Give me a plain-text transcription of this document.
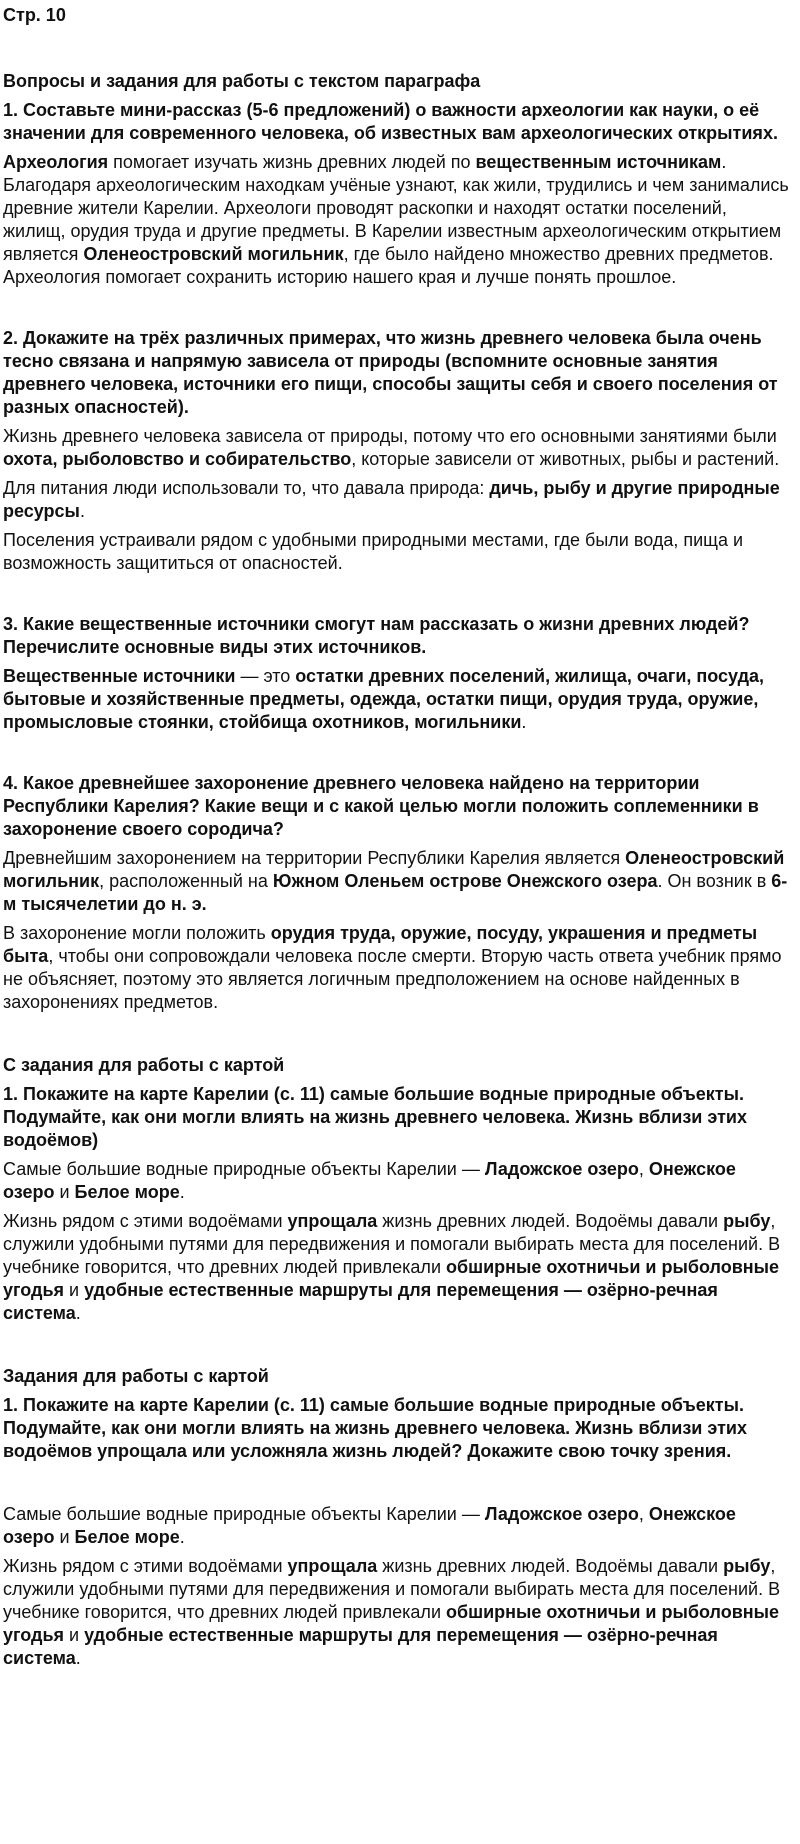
Стр. 10
Вопросы и задания для работы с текстом параграфа
1. Составьте мини-рассказ (5-6 предложений) о важности археологии как науки, о её значении для современного человека, об известных вам археологических открытиях.
Археология помогает изучать жизнь древних людей по вещественным источникам. Благодаря археологическим находкам учёные узнают, как жили, трудились и чем занимались древние жители Карелии. Археологи проводят раскопки и находят остатки поселений, жилищ, орудия труда и другие предметы. В Карелии известным археологическим открытием является Оленеостровский могильник, где было найдено множество древних предметов. Археология помогает сохранить историю нашего края и лучше понять прошлое.
2. Докажите на трёх различных примерах, что жизнь древнего человека была очень тесно связана и напрямую зависела от природы (вспомните основные занятия древнего человека, источники его пищи, способы защиты себя и своего поселения от разных опасностей).
Жизнь древнего человека зависела от природы, потому что его основными занятиями были охота, рыболовство и собирательство, которые зависели от животных, рыбы и растений.
Для питания люди использовали то, что давала природа: дичь, рыбу и другие природные ресурсы.
Поселения устраивали рядом с удобными природными местами, где были вода, пища и возможность защититься от опасностей.
3. Какие вещественные источники смогут нам рассказать о жизни древних людей? Перечислите основные виды этих источников.
Вещественные источники — это остатки древних поселений, жилища, очаги, посуда, бытовые и хозяйственные предметы, одежда, остатки пищи, орудия труда, оружие, промысловые стоянки, стойбища охотников, могильники.
4. Какое древнейшее захоронение древнего человека найдено на территории Республики Карелия? Какие вещи и с какой целью могли положить соплеменники в захоронение своего сородича?
Древнейшим захоронением на территории Республики Карелия является Оленеостровский могильник, расположенный на Южном Оленьем острове Онежского озера. Он возник в 6-м тысячелетии до н. э.
В захоронение могли положить орудия труда, оружие, посуду, украшения и предметы быта, чтобы они сопровождали человека после смерти. Вторую часть ответа учебник прямо не объясняет, поэтому это является логичным предположением на основе найденных в захоронениях предметов.
С задания для работы с картой
1. Покажите на карте Карелии (с. 11) самые большие водные природные объекты. Подумайте, как они могли влиять на жизнь древнего человека. Жизнь вблизи этих водоёмов)
Самые большие водные природные объекты Карелии — Ладожское озеро, Онежское озеро и Белое море.
Жизнь рядом с этими водоёмами упрощала жизнь древних людей. Водоёмы давали рыбу, служили удобными путями для передвижения и помогали выбирать места для поселений. В учебнике говорится, что древних людей привлекали обширные охотничьи и рыболовные угодья и удобные естественные маршруты для перемещения — озёрно-речная система.
Задания для работы с картой
1. Покажите на карте Карелии (с. 11) самые большие водные природные объекты. Подумайте, как они могли влиять на жизнь древнего человека. Жизнь вблизи этих водоёмов упрощала или усложняла жизнь людей? Докажите свою точку зрения.
Самые большие водные природные объекты Карелии — Ладожское озеро, Онежское озеро и Белое море.
Жизнь рядом с этими водоёмами упрощала жизнь древних людей. Водоёмы давали рыбу, служили удобными путями для передвижения и помогали выбирать места для поселений. В учебнике говорится, что древних людей привлекали обширные охотничьи и рыболовные угодья и удобные естественные маршруты для перемещения — озёрно-речная система.
